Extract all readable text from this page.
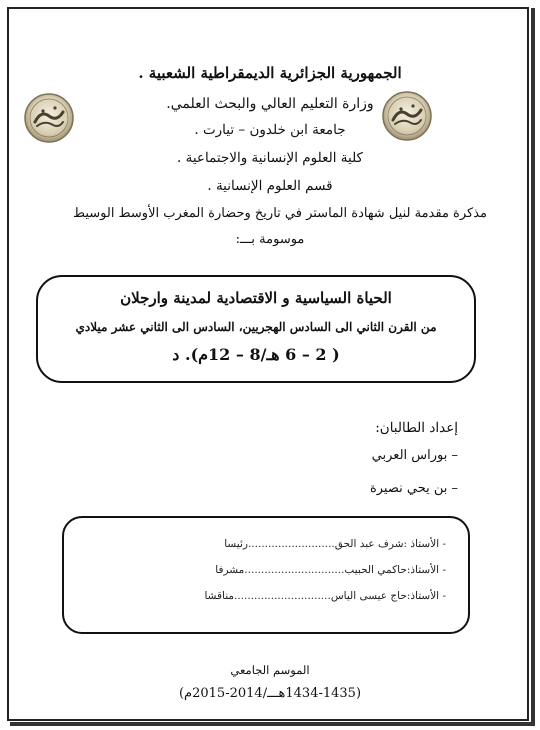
الجمهورية الجزائرية الديمقراطية الشعبية .
وزارة التعليم العالي والبحث العلمي.
جامعة ابن خلدون – تيارت .
كلية العلوم الإنسانية والاجتماعية .
قسم العلوم الإنسانية .
مذكرة مقدمة لنيل شهادة الماستر في تاريخ وحضارة المغرب الأوسط الوسيط
موسومة بـــ:
الحياة السياسية و الاقتصادية لمدينة وارجلان
من القرن الثاني الى السادس الهجريين، السادس الى الثاني عشر ميلادي
( 2 – 6 هـ/8 – 12م). د
إعداد الطالبان:
– بوراس العربي
– بن يحي نصيرة
- الأستاذ :شرف عبد الحق..........................رئيسا
- الأستاذ:حاكمي الحبيب..............................مشرفا
- الأستاذ:حاج عيسى الياس.............................مناقشا
الموسم الجامعي
(1434-1435هـــ/2014-2015م)
